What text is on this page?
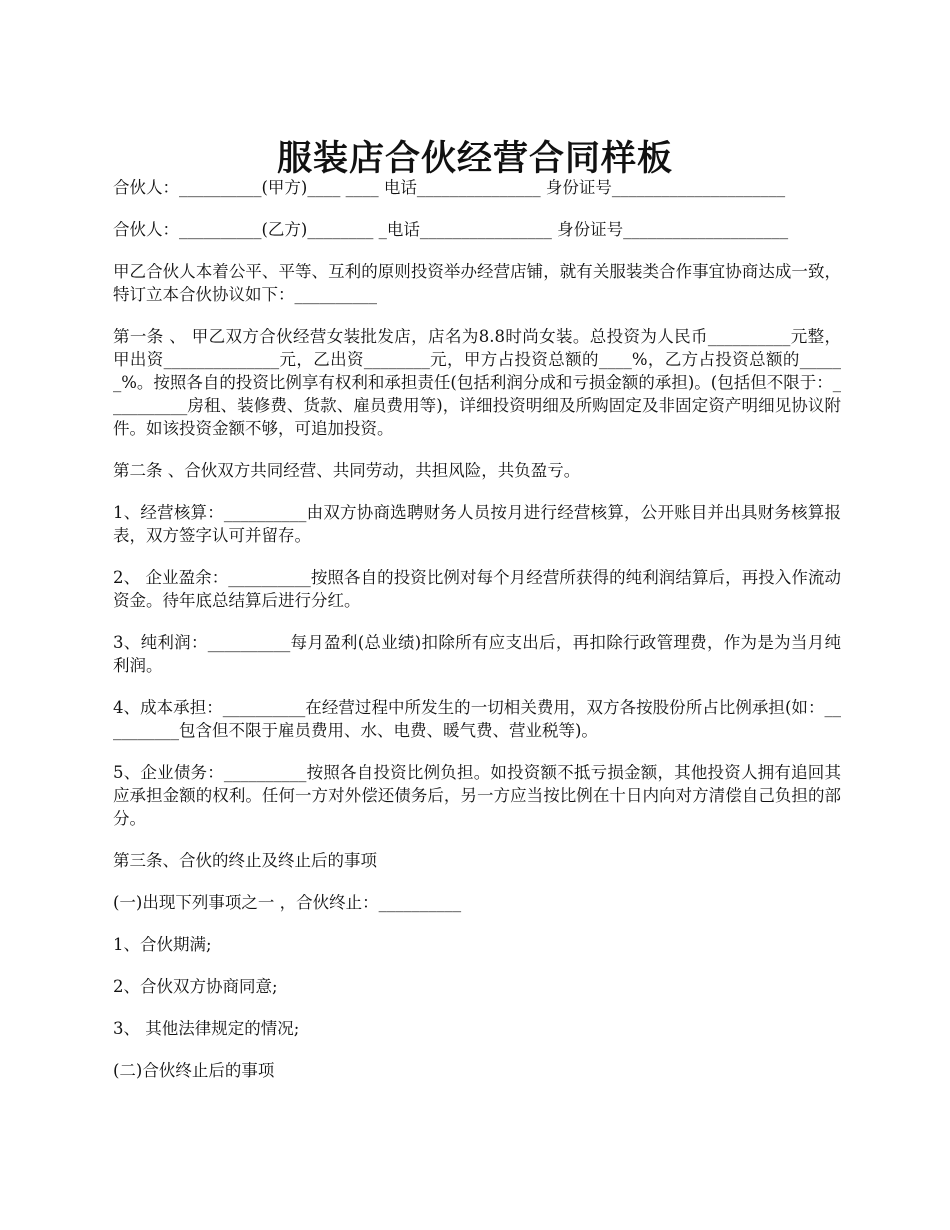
服装店合伙经营合同样板

合伙人：__________(甲方)____ ____ 电话_______________ 身份证号_____________________

合伙人：__________(乙方)________ _电话________________ 身份证号____________________

甲乙合伙人本着公平、平等、互利的原则投资举办经营店铺，就有关服装类合作事宜协商达成一致，特订立本合伙协议如下：__________

第一条 、 甲乙双方合伙经营女装批发店，店名为8.8时尚女装。总投资为人民币__________元整，甲出资______________元，乙出资________元，甲方占投资总额的____%，乙方占投资总额的______%。按照各自的投资比例享有权利和承担责任(包括利润分成和亏损金额的承担)。(包括但不限于：__________房租、装修费、货款、雇员费用等)，详细投资明细及所购固定及非固定资产明细见协议附件。如该投资金额不够，可追加投资。

第二条 、合伙双方共同经营、共同劳动，共担风险，共负盈亏。

1、经营核算：__________由双方协商选聘财务人员按月进行经营核算，公开账目并出具财务核算报表，双方签字认可并留存。

2、 企业盈余：__________按照各自的投资比例对每个月经营所获得的纯利润结算后，再投入作流动资金。待年底总结算后进行分红。

3、纯利润：__________每月盈利(总业绩)扣除所有应支出后，再扣除行政管理费，作为是为当月纯利润。

4、成本承担：__________在经营过程中所发生的一切相关费用，双方各按股份所占比例承担(如：__________包含但不限于雇员费用、水、电费、暖气费、营业税等)。

5、企业债务：__________按照各自投资比例负担。如投资额不抵亏损金额，其他投资人拥有追回其应承担金额的权利。任何一方对外偿还债务后，另一方应当按比例在十日内向对方清偿自己负担的部分。

第三条、合伙的终止及终止后的事项

(一)出现下列事项之一 ，合伙终止：__________

1、合伙期满;

2、合伙双方协商同意;

3、 其他法律规定的情况;

(二)合伙终止后的事项
